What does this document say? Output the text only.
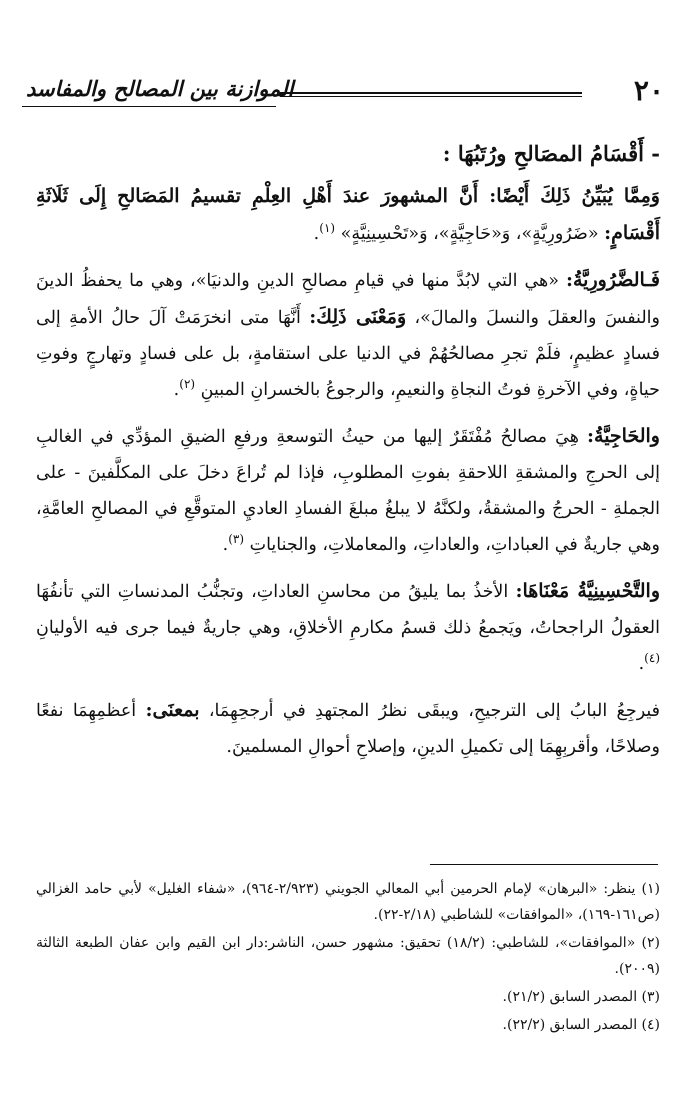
٢٠
الموازنة بين المصالح والمفاسد
- أَقْسَامُ المصَالحِ ورُتَبُهَا :

وَمِمَّا يُبَيِّنُ ذَلِكَ أَيْضًا: أَنَّ المشهورَ عندَ أَهْلِ العِلْمِ تقسيمُ المَصَالحِ إِلَى ثَلَاثَةِ أَقْسَامٍ: «ضَرُورِيَّةٍ»، وَ«حَاجِيَّةٍ»، وَ«تَحْسِينِيَّةٍ» $^{(١)}$.

فَـالضَّرُورِيَّةُ: «هي التي لابُدَّ منها في قيامِ مصالحِ الدينِ والدنيَا»، وهي ما يحفظُ الدينَ والنفسَ والعقلَ والنسلَ والمالَ»، وَمَعْنَى ذَلِكَ: أَنَّهَا متى انخرَمَتْ آلَ حالُ الأمةِ إلى فسادٍ عظيمٍ، فلَمْ تجرِ مصالحُهُمْ في الدنيا على استقامةٍ، بل على فسادٍ وتهارجٍ وفوتِ حياةٍ، وفي الآخرةِ فوتُ النجاةِ والنعيمِ، والرجوعُ بالخسرانِ المبينِ $^{(٢)}$.

والحَاجِيَّةُ: هِيَ مصالحُ مُفْتَقَرٌ إليها من حيثُ التوسعةِ ورفعِ الضيقِ المؤدِّي في الغالبِ إلى الحرجِ والمشقةِ اللاحقةِ بفوتِ المطلوبِ، فإذا لم تُراعَ دخلَ على المكلَّفينَ - على الجملةِ - الحرجُ والمشقةُ، ولكنَّهُ لا يبلغُ مبلغَ الفسادِ العاديِ المتوقَّعِ في المصالحِ العامَّةِ، وهي جاريةٌ في العباداتِ، والعاداتِ، والمعاملاتِ، والجناياتِ $^{(٣)}$.

والتَّحْسِينِيَّةُ مَعْنَاهَا: الأخذُ بما يليقُ من محاسنِ العاداتِ، وتجنُّبُ المدنساتِ التي تأنفُهَا العقولُ الراجحاتُ، ويَجمعُ ذلك قسمُ مكارمِ الأخلاقِ، وهي جاريةٌ فيما جرى فيه الأوليانِ $^{(٤)}$.

فيرجِعُ البابُ إلى الترجيحِ، ويبقَى نظرُ المجتهدِ في أرجحِهِمَا، بمعنَى: أعظمِهِمَا نفعًا وصلاحًا، وأقربِهِمَا إلى تكميلِ الدينِ، وإصلاحِ أحوالِ المسلمينَ.

(١) ينظر: «البرهان» لإمام الحرمين أبي المعالي الجويني (٢/٩٢٣-٩٦٤)، «شفاء الغليل» لأبي حامد الغزالي (ص١٦١-١٦٩)، «الموافقات» للشاطبي (٢/١٨-٢٢).

(٢) «الموافقات»، للشاطبي: (١٨/٢) تحقيق: مشهور حسن، الناشر:دار ابن القيم وابن عفان الطبعة الثالثة (٢٠٠٩).

(٣) المصدر السابق (٢١/٢).

(٤) المصدر السابق (٢٢/٢).
